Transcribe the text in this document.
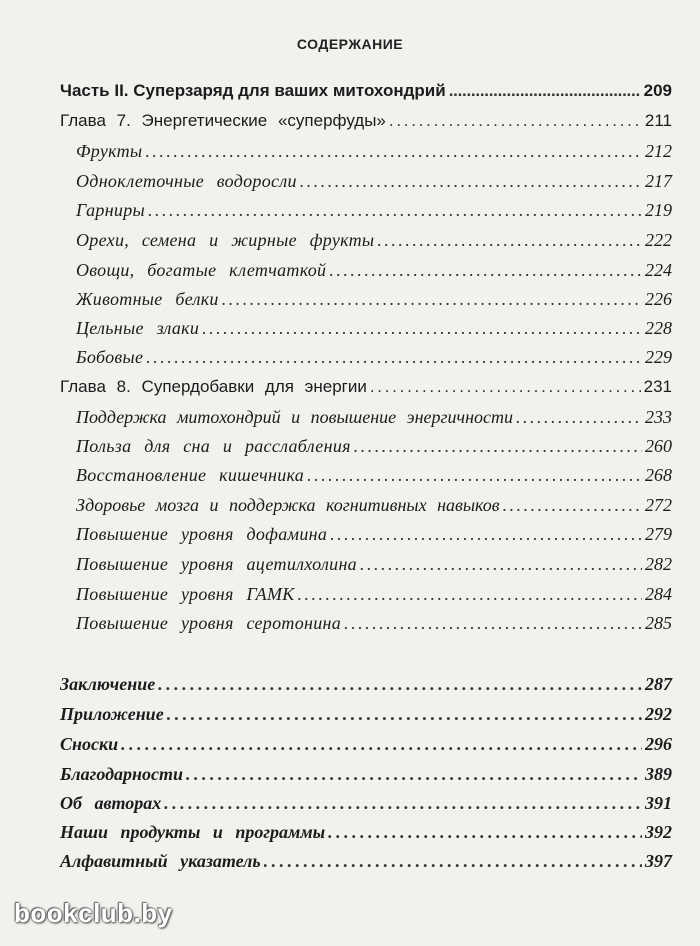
СОДЕРЖАНИЕ
Часть II. Суперзаряд для ваших митохондрий . . .	209
Глава 7. Энергетические «суперфуды» . . .	211
Фрукты . . .	212
Одноклеточные водоросли . . .	217
Гарниры . . .	219
Орехи, семена и жирные фрукты . . .	222
Овощи, богатые клетчаткой . . .	224
Животные белки . . .	226
Цельные злаки . . .	228
Бобовые . . .	229
Глава 8. Супердобавки для энергии . . .	231
Поддержка митохондрий и повышение энергичности . . .	233
Польза для сна и расслабления . . .	260
Восстановление кишечника . . .	268
Здоровье мозга и поддержка когнитивных навыков . . .	272
Повышение уровня дофамина . . .	279
Повышение уровня ацетилхолина . . .	282
Повышение уровня ГАМК . . .	284
Повышение уровня серотонина . . .	285
Заключение . . .	287
Приложение . . .	292
Сноски . . .	296
Благодарности . . .	389
Об авторах . . .	391
Наши продукты и программы . . .	392
Алфавитный указатель . . .	397
bookclub.by
